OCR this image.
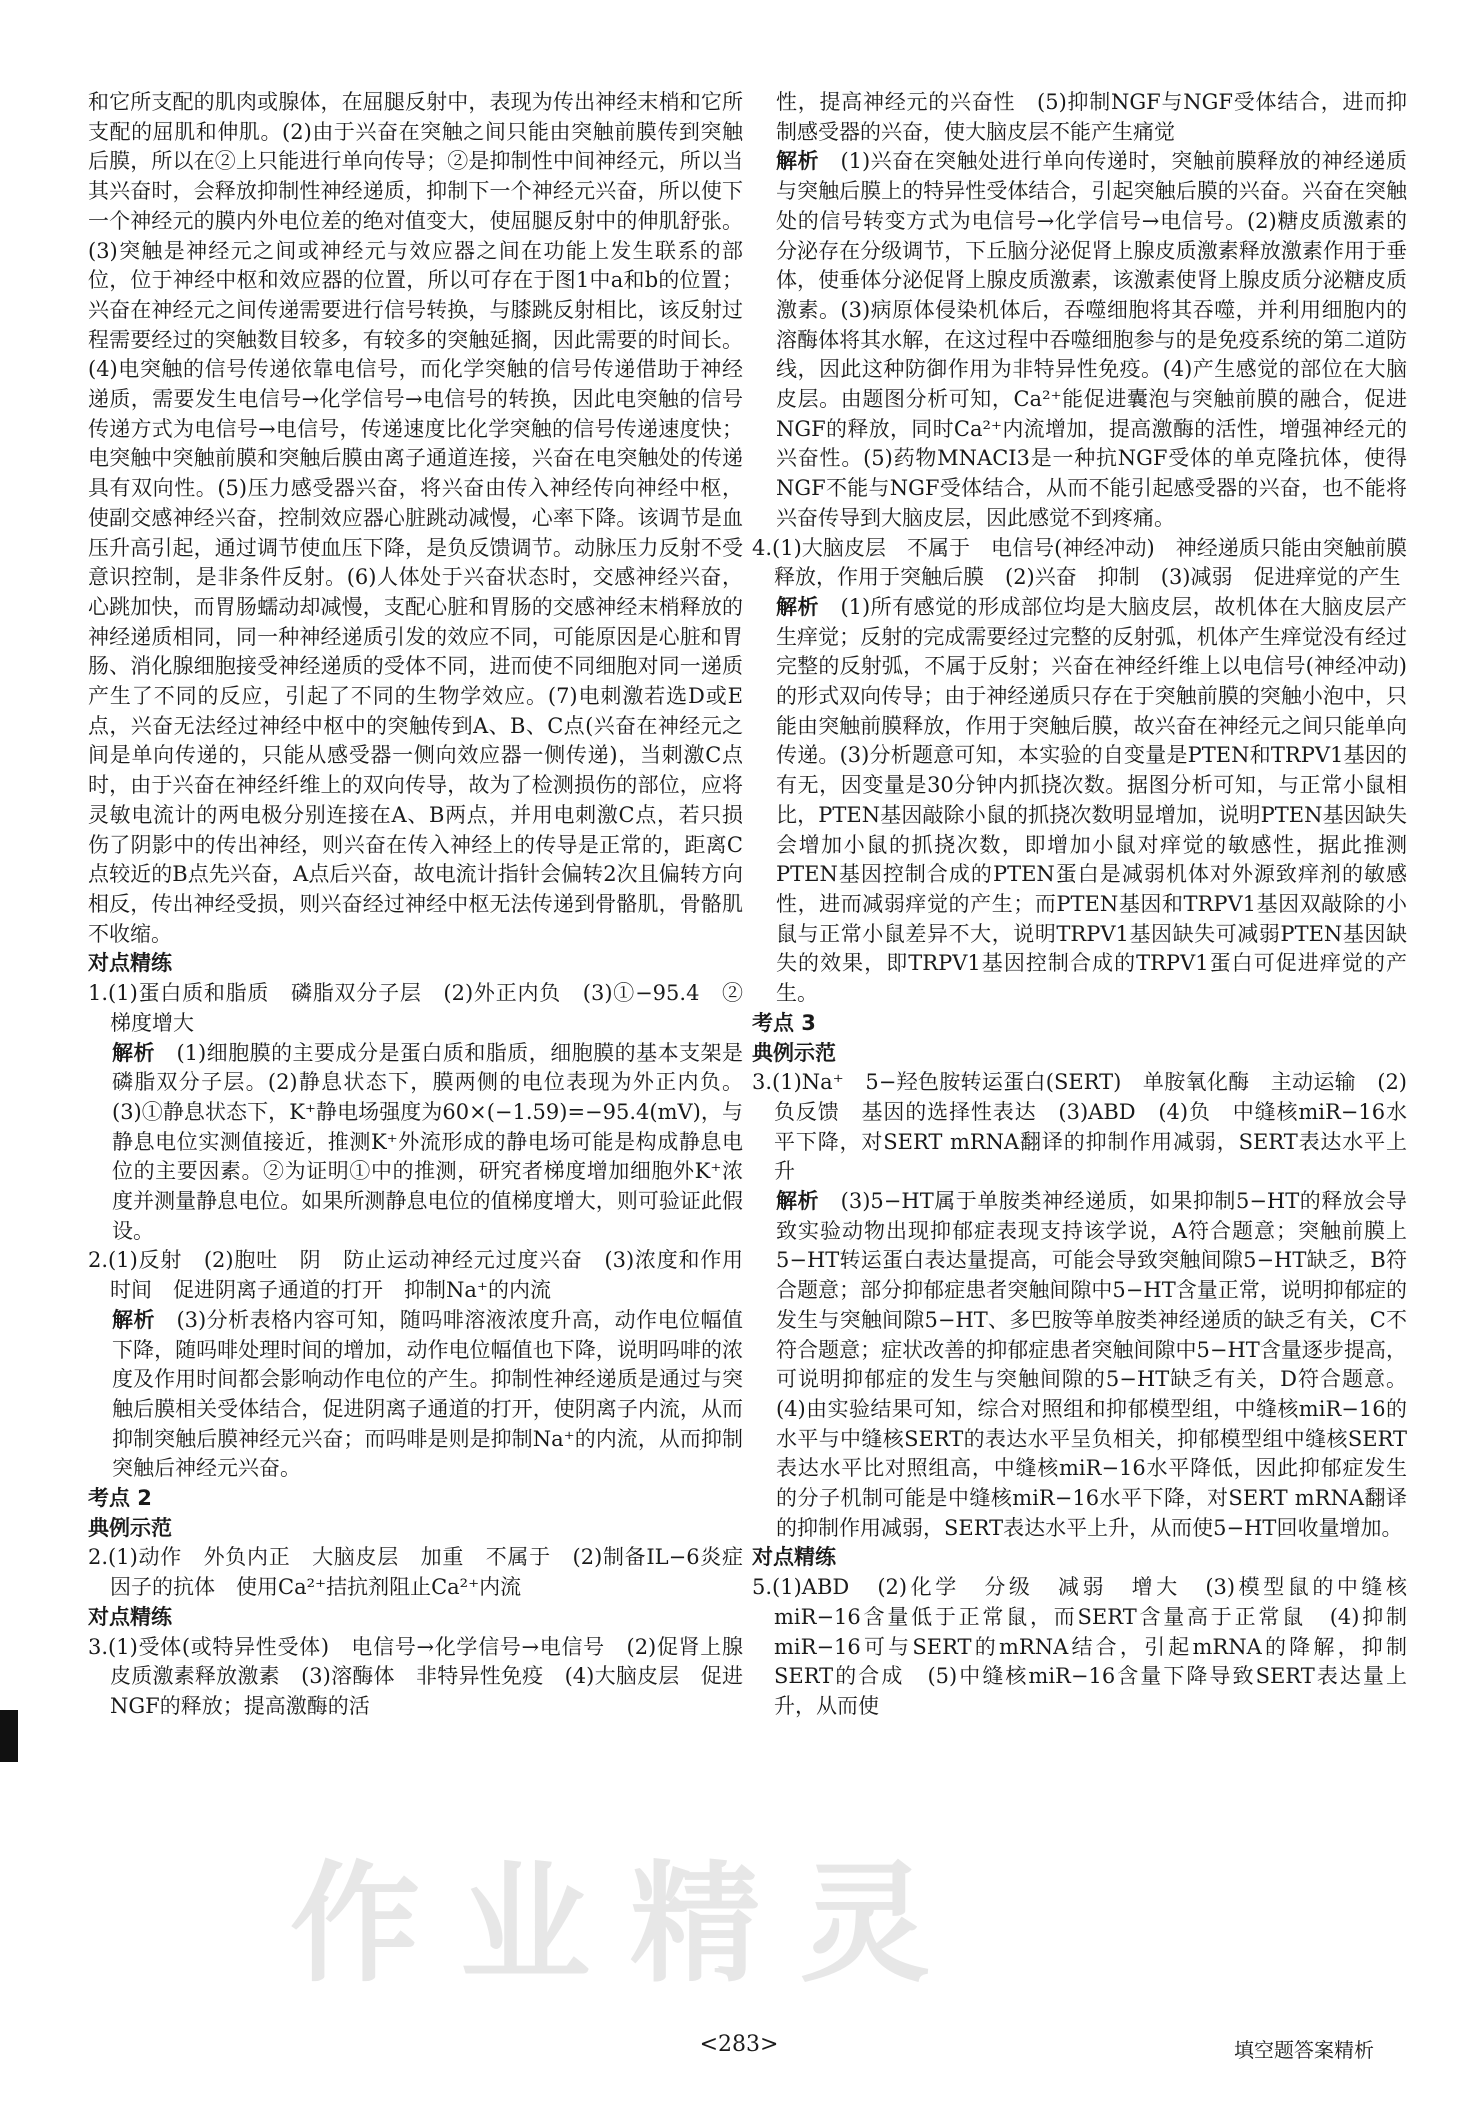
作业精灵

和它所支配的肌肉或腺体，在屈腿反射中，表现为传出神经末梢和它所支配的屈肌和伸肌。(2)由于兴奋在突触之间只能由突触前膜传到突触后膜，所以在②上只能进行单向传导；②是抑制性中间神经元，所以当其兴奋时，会释放抑制性神经递质，抑制下一个神经元兴奋，所以使下一个神经元的膜内外电位差的绝对值变大，使屈腿反射中的伸肌舒张。(3)突触是神经元之间或神经元与效应器之间在功能上发生联系的部位，位于神经中枢和效应器的位置，所以可存在于图1中a和b的位置；兴奋在神经元之间传递需要进行信号转换，与膝跳反射相比，该反射过程需要经过的突触数目较多，有较多的突触延搁，因此需要的时间长。(4)电突触的信号传递依靠电信号，而化学突触的信号传递借助于神经递质，需要发生电信号→化学信号→电信号的转换，因此电突触的信号传递方式为电信号→电信号，传递速度比化学突触的信号传递速度快；电突触中突触前膜和突触后膜由离子通道连接，兴奋在电突触处的传递具有双向性。(5)压力感受器兴奋，将兴奋由传入神经传向神经中枢，使副交感神经兴奋，控制效应器心脏跳动减慢，心率下降。该调节是血压升高引起，通过调节使血压下降，是负反馈调节。动脉压力反射不受意识控制，是非条件反射。(6)人体处于兴奋状态时，交感神经兴奋，心跳加快，而胃肠蠕动却减慢，支配心脏和胃肠的交感神经末梢释放的神经递质相同，同一种神经递质引发的效应不同，可能原因是心脏和胃肠、消化腺细胞接受神经递质的受体不同，进而使不同细胞对同一递质产生了不同的反应，引起了不同的生物学效应。(7)电刺激若选D或E点，兴奋无法经过神经中枢中的突触传到A、B、C点(兴奋在神经元之间是单向传递的，只能从感受器一侧向效应器一侧传递)，当刺激C点时，由于兴奋在神经纤维上的双向传导，故为了检测损伤的部位，应将灵敏电流计的两电极分别连接在A、B两点，并用电刺激C点，若只损伤了阴影中的传出神经，则兴奋在传入神经上的传导是正常的，距离C点较近的B点先兴奋，A点后兴奋，故电流计指针会偏转2次且偏转方向相反，传出神经受损，则兴奋经过神经中枢无法传递到骨骼肌，骨骼肌不收缩。

对点精练

1.(1)蛋白质和脂质　磷脂双分子层　(2)外正内负　(3)①−95.4　②梯度增大

解析　 (1)细胞膜的主要成分是蛋白质和脂质，细胞膜的基本支架是磷脂双分子层。(2)静息状态下，膜两侧的电位表现为外正内负。(3)①静息状态下，K⁺静电场强度为60×(−1.59)=−95.4(mV)，与静息电位实测值接近，推测K⁺外流形成的静电场可能是构成静息电位的主要因素。②为证明①中的推测，研究者梯度增加细胞外K⁺浓度并测量静息电位。如果所测静息电位的值梯度增大，则可验证此假设。

2.(1)反射　(2)胞吐　阴　防止运动神经元过度兴奋　(3)浓度和作用时间　促进阴离子通道的打开　抑制Na⁺的内流

解析　 (3)分析表格内容可知，随吗啡溶液浓度升高，动作电位幅值下降，随吗啡处理时间的增加，动作电位幅值也下降，说明吗啡的浓度及作用时间都会影响动作电位的产生。抑制性神经递质是通过与突触后膜相关受体结合，促进阴离子通道的打开，使阴离子内流，从而抑制突触后膜神经元兴奋；而吗啡是则是抑制Na⁺的内流，从而抑制突触后神经元兴奋。

考点 2

典例示范

2.(1)动作　外负内正　大脑皮层　加重　不属于　(2)制备IL−6炎症因子的抗体　使用Ca²⁺拮抗剂阻止Ca²⁺内流

对点精练

3.(1)受体(或特异性受体)　电信号→化学信号→电信号　(2)促肾上腺皮质激素释放激素　(3)溶酶体　非特异性免疫　(4)大脑皮层　促进NGF的释放；提高激酶的活

性，提高神经元的兴奋性　(5)抑制NGF与NGF受体结合，进而抑制感受器的兴奋，使大脑皮层不能产生痛觉

解析　 (1)兴奋在突触处进行单向传递时，突触前膜释放的神经递质与突触后膜上的特异性受体结合，引起突触后膜的兴奋。兴奋在突触处的信号转变方式为电信号→化学信号→电信号。(2)糖皮质激素的分泌存在分级调节，下丘脑分泌促肾上腺皮质激素释放激素作用于垂体，使垂体分泌促肾上腺皮质激素，该激素使肾上腺皮质分泌糖皮质激素。(3)病原体侵染机体后，吞噬细胞将其吞噬，并利用细胞内的溶酶体将其水解，在这过程中吞噬细胞参与的是免疫系统的第二道防线，因此这种防御作用为非特异性免疫。(4)产生感觉的部位在大脑皮层。由题图分析可知，Ca²⁺能促进囊泡与突触前膜的融合，促进NGF的释放，同时Ca²⁺内流增加，提高激酶的活性，增强神经元的兴奋性。(5)药物MNACI3是一种抗NGF受体的单克隆抗体，使得NGF不能与NGF受体结合，从而不能引起感受器的兴奋，也不能将兴奋传导到大脑皮层，因此感觉不到疼痛。

4.(1)大脑皮层　不属于　电信号(神经冲动)　神经递质只能由突触前膜释放，作用于突触后膜　(2)兴奋　抑制　(3)减弱　促进痒觉的产生

解析　 (1)所有感觉的形成部位均是大脑皮层，故机体在大脑皮层产生痒觉；反射的完成需要经过完整的反射弧，机体产生痒觉没有经过完整的反射弧，不属于反射；兴奋在神经纤维上以电信号(神经冲动)的形式双向传导；由于神经递质只存在于突触前膜的突触小泡中，只能由突触前膜释放，作用于突触后膜，故兴奋在神经元之间只能单向传递。(3)分析题意可知，本实验的自变量是PTEN和TRPV1基因的有无，因变量是30分钟内抓挠次数。据图分析可知，与正常小鼠相比，PTEN基因敲除小鼠的抓挠次数明显增加，说明PTEN基因缺失会增加小鼠的抓挠次数，即增加小鼠对痒觉的敏感性，据此推测PTEN基因控制合成的PTEN蛋白是减弱机体对外源致痒剂的敏感性，进而减弱痒觉的产生；而PTEN基因和TRPV1基因双敲除的小鼠与正常小鼠差异不大，说明TRPV1基因缺失可减弱PTEN基因缺失的效果，即TRPV1基因控制合成的TRPV1蛋白可促进痒觉的产生。

考点 3

典例示范

3.(1)Na⁺　5−羟色胺转运蛋白(SERT)　单胺氧化酶　主动运输　(2)负反馈　基因的选择性表达　(3)ABD　(4)负　中缝核miR−16水平下降，对SERT mRNA翻译的抑制作用减弱，SERT表达水平上升

解析　 (3)5−HT属于单胺类神经递质，如果抑制5−HT的释放会导致实验动物出现抑郁症表现支持该学说，A符合题意；突触前膜上5−HT转运蛋白表达量提高，可能会导致突触间隙5−HT缺乏，B符合题意；部分抑郁症患者突触间隙中5−HT含量正常，说明抑郁症的发生与突触间隙5−HT、多巴胺等单胺类神经递质的缺乏有关，C不符合题意；症状改善的抑郁症患者突触间隙中5−HT含量逐步提高，可说明抑郁症的发生与突触间隙的5−HT缺乏有关，D符合题意。(4)由实验结果可知，综合对照组和抑郁模型组，中缝核miR−16的水平与中缝核SERT的表达水平呈负相关，抑郁模型组中缝核SERT表达水平比对照组高，中缝核miR−16水平降低，因此抑郁症发生的分子机制可能是中缝核miR−16水平下降，对SERT mRNA翻译的抑制作用减弱，SERT表达水平上升，从而使5−HT回收量增加。

对点精练

5.(1)ABD　(2)化学　分级　减弱　增大　(3)模型鼠的中缝核miR−16含量低于正常鼠，而SERT含量高于正常鼠　(4)抑制　miR−16可与SERT的mRNA结合，引起mRNA的降解，抑制SERT的合成　(5)中缝核miR−16含量下降导致SERT表达量上升，从而使

<283>	填空题答案精析
